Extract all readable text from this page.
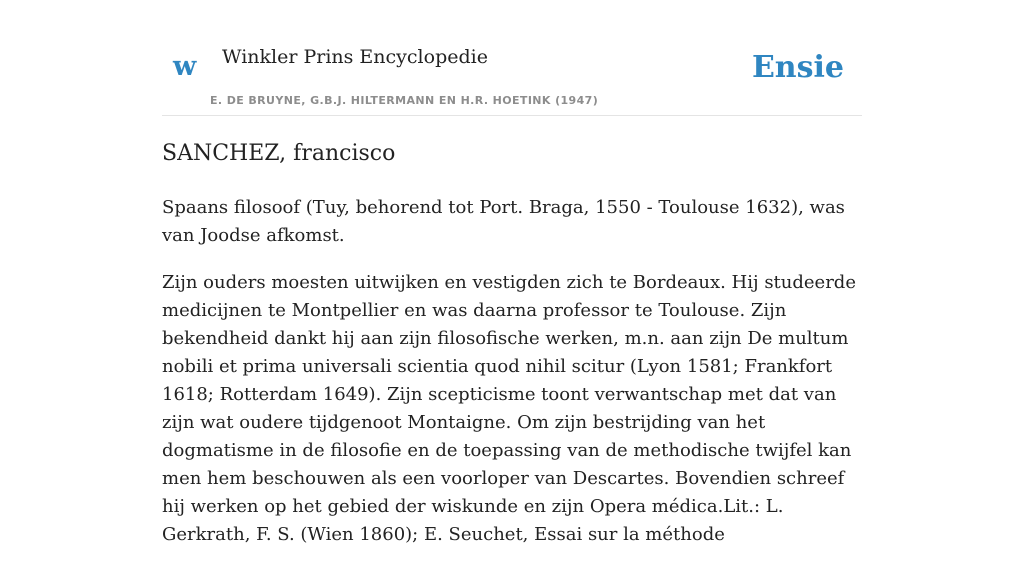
w Winkler Prins Encyclopedie
E. DE BRUYNE, G.B.J. HILTERMANN EN H.R. HOETINK (1947)
Ensie
SANCHEZ, francisco

Spaans filosoof (Tuy, behorend tot Port. Braga, 1550 - Toulouse 1632), was van Joodse afkomst.

Zijn ouders moesten uitwijken en vestigden zich te Bordeaux. Hij studeerde medicijnen te Montpellier en was daarna professor te Toulouse. Zijn bekendheid dankt hij aan zijn filosofische werken, m.n. aan zijn De multum nobili et prima universali scientia quod nihil scitur (Lyon 1581; Frankfort 1618; Rotterdam 1649). Zijn scepticisme toont verwantschap met dat van zijn wat oudere tijdgenoot Montaigne. Om zijn bestrijding van het dogmatisme in de filosofie en de toepassing van de methodische twijfel kan men hem beschouwen als een voorloper van Descartes. Bovendien schreef hij werken op het gebied der wiskunde en zijn Opera médica.Lit.: L. Gerkrath, F. S. (Wien 1860); E. Seuchet, Essai sur la méthode
